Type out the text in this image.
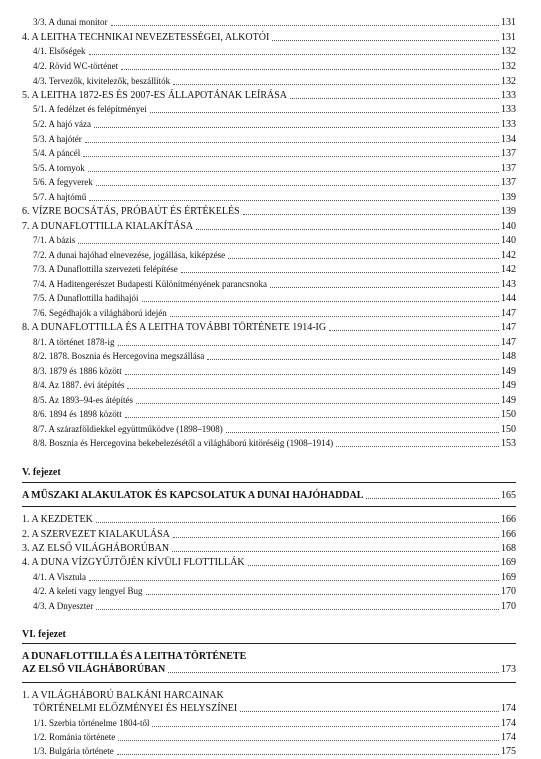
3/3. A dunai monitor	131
4. A LEITHA TECHNIKAI NEVEZETESSÉGEI, ALKOTÓI	131
4/1. Elsőségek	132
4/2. Rövid WC-történet	132
4/3. Tervezők, kivitelezők, beszállítók	132
5. A LEITHA 1872-ES ÉS 2007-ES ÁLLAPOTÁNAK LEÍRÁSA	133
5/1. A fedélzet és felépítményei	133
5/2. A hajó váza	133
5/3. A hajótér	134
5/4. A páncél	137
5/5. A tornyok	137
5/6. A fegyverek	137
5/7. A hajtómű	139
6. VÍZRE BOCSÁTÁS, PRÓBAÚT ÉS ÉRTÉKELÉS	139
7. A DUNAFLOTTILLA KIALAKÍTÁSA	140
7/1. A bázis	140
7/2. A dunai hajóhad elnevezése, jogállása, kiképzése	142
7/3. A Dunaflottilla szervezeti felépítése	142
7/4. A Haditengerészet Budapesti Különítményének parancsnoka	143
7/5. A Dunaflottilla hadihajói	144
7/6. Segédhajók a világháború idején	147
8. A DUNAFLOTTILLA ÉS A LEITHA TOVÁBBI TÖRTÉNETE 1914-IG	147
8/1. A történet 1878-ig	147
8/2. 1878. Bosznia és Hercegovina megszállása	148
8/3. 1879 és 1886 között	149
8/4. Az 1887. évi átépítés	149
8/5. Az 1893–94-es átépítés	149
8/6. 1894 és 1898 között	150
8/7. A szárazföldiekkel együttműködve (1898–1908)	150
8/8. Bosznia és Hercegovina bekebelezésétől a világháború kitöréséig (1908–1914)	153
V. fejezet
A MŰSZAKI ALAKULATOK ÉS KAPCSOLATUK A DUNAI HAJÓHADDAL	165
1. A KEZDETEK	166
2. A SZERVEZET KIALAKULÁSA	166
3. AZ ELSŐ VILÁGHÁBORÚBAN	168
4. A DUNA VÍZGYŰJTŐJÉN KÍVÜLI FLOTTILLÁK	169
4/1. A Visztula	169
4/2. A keleti vagy lengyel Bug	170
4/3. A Dnyeszter	170
VI. fejezet
A DUNAFLOTTILLA ÉS A LEITHA TÖRTÉNETE
AZ ELSŐ VILÁGHÁBORÚBAN	173
1. A VILÁGHÁBORÚ BALKÁNI HARCAINAK
TÖRTÉNELMI ELŐZMÉNYEI ÉS HELYSZÍNEI	174
1/1. Szerbia történelme 1804-től	174
1/2. Románia története	174
1/3. Bulgária története	175
